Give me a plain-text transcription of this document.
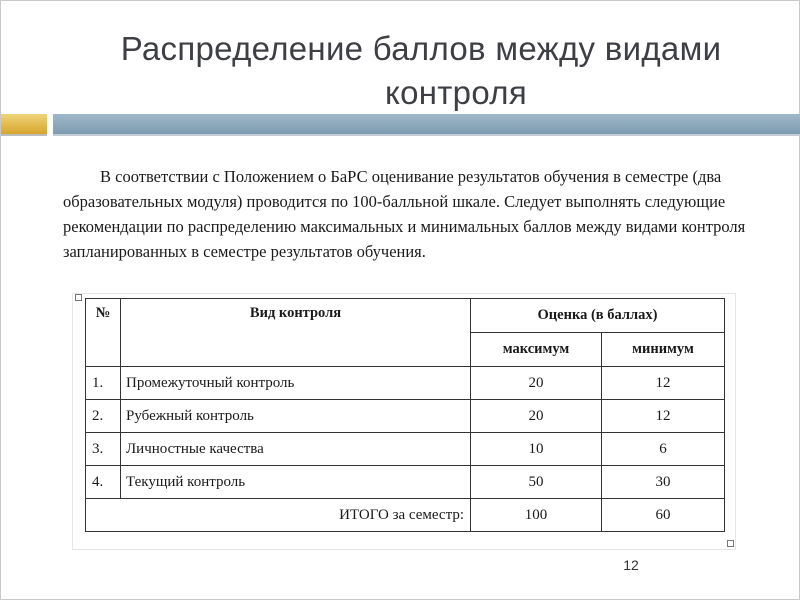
Распределение баллов между видами
контроля

В соответствии с Положением о БаРС оценивание результатов обучения в семестре (два образовательных модуля) проводится по 100-балльной шкале. Следует выполнять следующие рекомендации по распределению максимальных и минимальных баллов между видами контроля запланированных в семестре результатов обучения.

№	Вид контроля	Оценка (в баллах)	
		максимум	минимум
1.	Промежуточный контроль	20	12
2.	Рубежный контроль	20	12
3.	Личностные качества	10	6
4.	Текущий контроль	50	30
ИТОГО за семестр:		100	60
12
